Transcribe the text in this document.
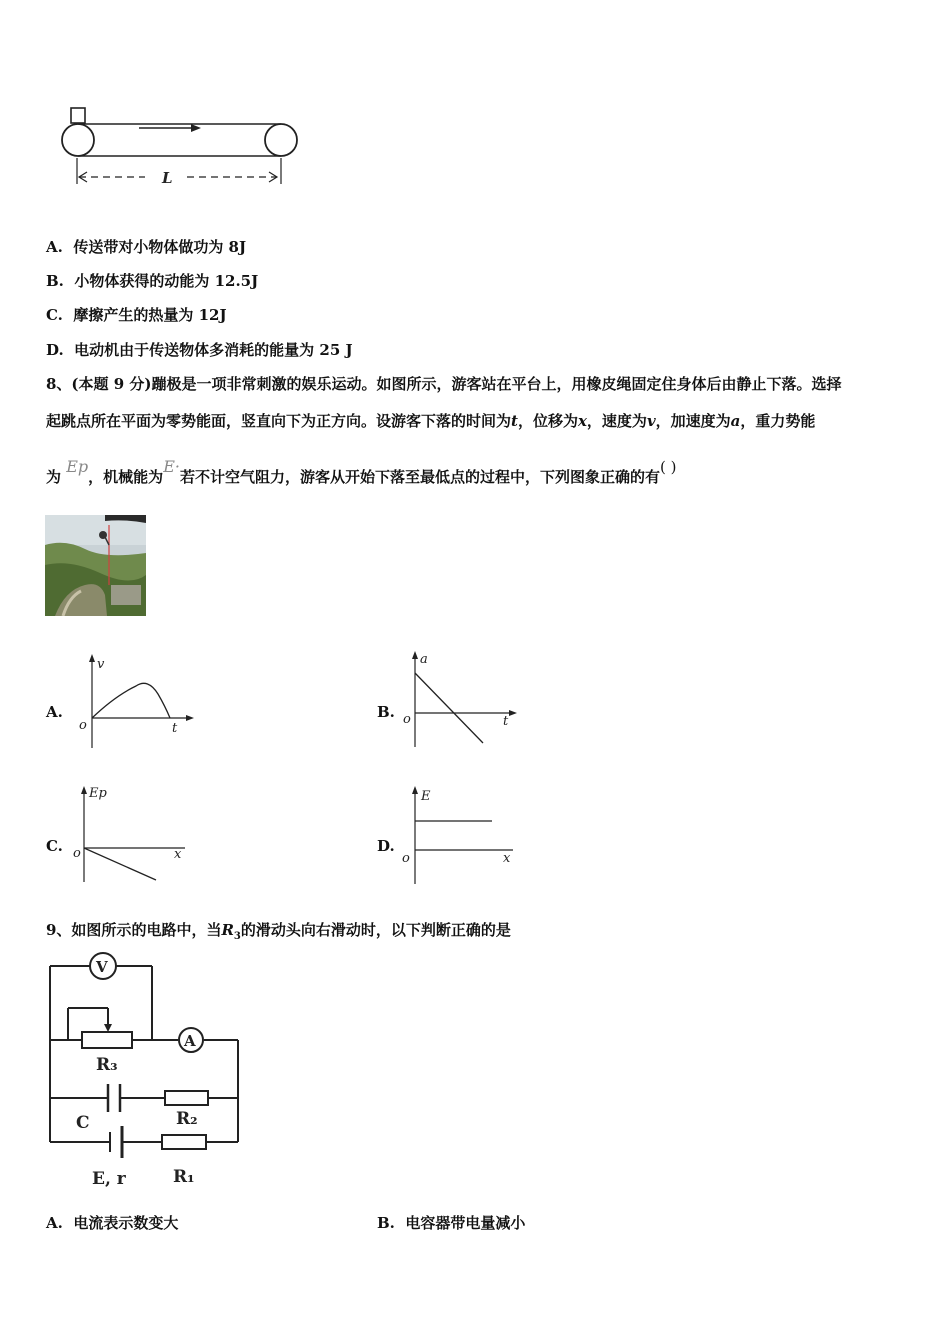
L
A. 传送带对小物体做功为 8J
B. 小物体获得的动能为 12.5J
C. 摩擦产生的热量为 12J
D. 电动机由于传送物体多消耗的能量为 25 J
8、(本题 9 分)蹦极是一项非常刺激的娱乐运动。如图所示，游客站在平台上，用橡皮绳固定住身体后由静止下落。选择
起跳点所在平面为零势能面，竖直向下为正方向。设游客下落的时间为t，位移为x，速度为v，加速度为a，重力势能
为 Ep，机械能为E·若不计空气阻力，游客从开始下落至最低点的过程中，下列图象正确的有( )
A.
v
t
o
B.
a
t
o
C.
Ep
x
o	D.
E
x
o
9、如图所示的电路中，当$R_3$的滑动头向右滑动时，以下判断正确的是
V
R₃
A
C	R₂
E, r	R₁
A. 电流表示数变大	B. 电容器带电量减小
